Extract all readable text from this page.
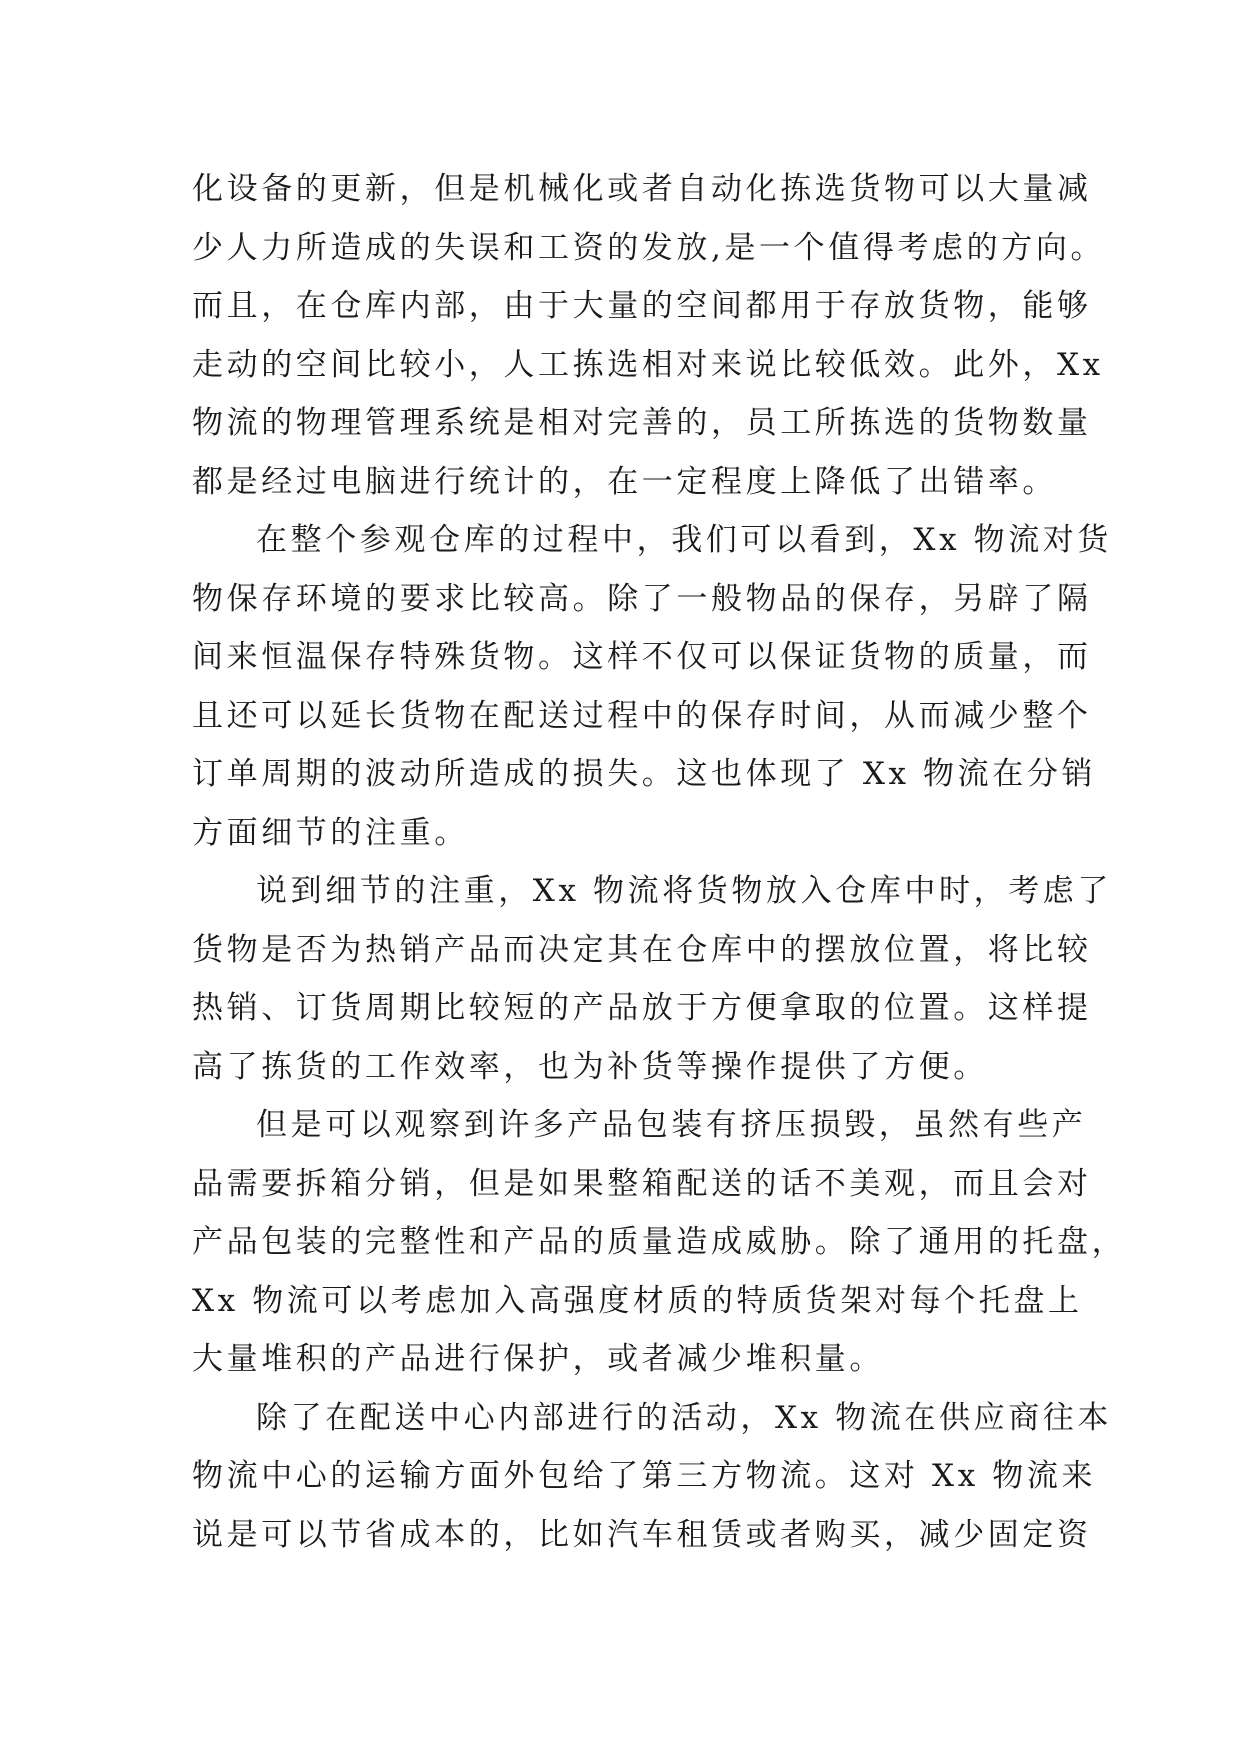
化设备的更新，但是机械化或者自动化拣选货物可以大量减
少人力所造成的失误和工资的发放,是一个值得考虑的方向。
而且，在仓库内部，由于大量的空间都用于存放货物，能够
走动的空间比较小，人工拣选相对来说比较低效。此外，Xx
物流的物理管理系统是相对完善的，员工所拣选的货物数量
都是经过电脑进行统计的，在一定程度上降低了出错率。
在整个参观仓库的过程中，我们可以看到，Xx 物流对货
物保存环境的要求比较高。除了一般物品的保存，另辟了隔
间来恒温保存特殊货物。这样不仅可以保证货物的质量，而
且还可以延长货物在配送过程中的保存时间，从而减少整个
订单周期的波动所造成的损失。这也体现了 Xx 物流在分销
方面细节的注重。
说到细节的注重，Xx 物流将货物放入仓库中时，考虑了
货物是否为热销产品而决定其在仓库中的摆放位置，将比较
热销、订货周期比较短的产品放于方便拿取的位置。这样提
高了拣货的工作效率，也为补货等操作提供了方便。
但是可以观察到许多产品包装有挤压损毁，虽然有些产
品需要拆箱分销，但是如果整箱配送的话不美观，而且会对
产品包装的完整性和产品的质量造成威胁。除了通用的托盘，
Xx 物流可以考虑加入高强度材质的特质货架对每个托盘上
大量堆积的产品进行保护，或者减少堆积量。
除了在配送中心内部进行的活动，Xx 物流在供应商往本
物流中心的运输方面外包给了第三方物流。这对 Xx 物流来
说是可以节省成本的，比如汽车租赁或者购买，减少固定资
